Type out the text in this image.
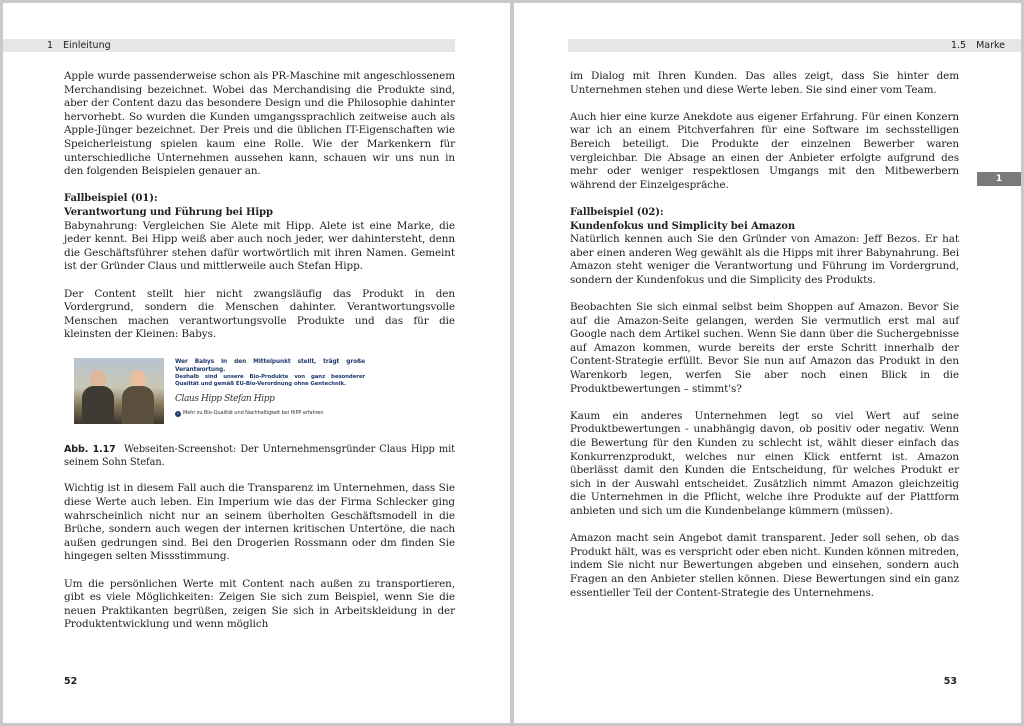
1 Einleitung

Apple wurde passenderweise schon als PR-Maschine mit angeschlossenem Merchandising bezeichnet. Wobei das Merchandising die Produkte sind, aber der Content dazu das besondere Design und die Philosophie dahinter hervorhebt. So wurden die Kunden umgangssprachlich zeitweise auch als Apple-Jünger bezeichnet. Der Preis und die üblichen IT-Eigenschaften wie Speicherleistung spielen kaum eine Rolle. Wie der Markenkern für unterschiedliche Unternehmen aussehen kann, schauen wir uns nun in den folgenden Beispielen genauer an.

Fallbeispiel (01):
Verantwortung und Führung bei Hipp

Babynahrung: Vergleichen Sie Alete mit Hipp. Alete ist eine Marke, die jeder kennt. Bei Hipp weiß aber auch noch jeder, wer dahintersteht, denn die Geschäftsführer stehen dafür wortwörtlich mit ihren Namen. Gemeint ist der Gründer Claus und mittlerweile auch Stefan Hipp.

Der Content stellt hier nicht zwangsläufig das Produkt in den Vordergrund, sondern die Menschen dahinter. Verantwortungsvolle Menschen machen verantwortungsvolle Produkte und das für die kleinsten der Kleinen: Babys.

Wer Babys in den Mittelpunkt stellt, trägt große Verantwortung.
Deshalb sind unsere Bio-Produkte von ganz besonderer Qualität und gemäß EU-Bio-Verordnung ohne Gentechnik.
Claus Hipp Stefan Hipp
› Mehr zu Bio-Qualität und Nachhaltigkeit bei HiPP erfahren

Abb. 1.17 Webseiten-Screenshot: Der Unternehmensgründer Claus Hipp mit seinem Sohn Stefan.

Wichtig ist in diesem Fall auch die Transparenz im Unternehmen, dass Sie diese Werte auch leben. Ein Imperium wie das der Firma Schlecker ging wahrscheinlich nicht nur an seinem überholten Geschäftsmodell in die Brüche, sondern auch wegen der internen kritischen Untertöne, die nach außen gedrungen sind. Bei den Drogerien Rossmann oder dm finden Sie hingegen selten Missstimmung.

Um die persönlichen Werte mit Content nach außen zu transportieren, gibt es viele Möglichkeiten: Zeigen Sie sich zum Beispiel, wenn Sie die neuen Praktikanten begrüßen, zeigen Sie sich in Arbeitskleidung in der Produktentwicklung und wenn möglich

52
1.5 Marke
1

im Dialog mit Ihren Kunden. Das alles zeigt, dass Sie hinter dem Unternehmen stehen und diese Werte leben. Sie sind einer vom Team.

Auch hier eine kurze Anekdote aus eigener Erfahrung. Für einen Konzern war ich an einem Pitchverfahren für eine Software im sechsstelligen Bereich beteiligt. Die Produkte der einzelnen Bewerber waren vergleichbar. Die Absage an einen der Anbieter erfolgte aufgrund des mehr oder weniger respektlosen Umgangs mit den Mitbewerbern während der Einzelgespräche.

Fallbeispiel (02):
Kundenfokus und Simplicity bei Amazon

Natürlich kennen auch Sie den Gründer von Amazon: Jeff Bezos. Er hat aber einen anderen Weg gewählt als die Hipps mit ihrer Babynahrung. Bei Amazon steht weniger die Verantwortung und Führung im Vordergrund, sondern der Kundenfokus und die Simplicity des Produkts.

Beobachten Sie sich einmal selbst beim Shoppen auf Amazon. Bevor Sie auf die Amazon-Seite gelangen, werden Sie vermutlich erst mal auf Google nach dem Artikel suchen. Wenn Sie dann über die Suchergebnisse auf Amazon kommen, wurde bereits der erste Schritt innerhalb der Content-Strategie erfüllt. Bevor Sie nun auf Amazon das Produkt in den Warenkorb legen, werfen Sie aber noch einen Blick in die Produktbewertungen – stimmt's?

Kaum ein anderes Unternehmen legt so viel Wert auf seine Produktbewertungen - unabhängig davon, ob positiv oder negativ. Wenn die Bewertung für den Kunden zu schlecht ist, wählt dieser einfach das Konkurrenzprodukt, welches nur einen Klick entfernt ist. Amazon überlässt damit den Kunden die Entscheidung, für welches Produkt er sich in der Auswahl entscheidet. Zusätzlich nimmt Amazon gleichzeitig die Unternehmen in die Pflicht, welche ihre Produkte auf der Plattform anbieten und sich um die Kundenbelange kümmern (müssen).

Amazon macht sein Angebot damit transparent. Jeder soll sehen, ob das Produkt hält, was es verspricht oder eben nicht. Kunden können mitreden, indem Sie nicht nur Bewertungen abgeben und einsehen, sondern auch Fragen an den Anbieter stellen können. Diese Bewertungen sind ein ganz essentieller Teil der Content-Strategie des Unternehmens.

53
